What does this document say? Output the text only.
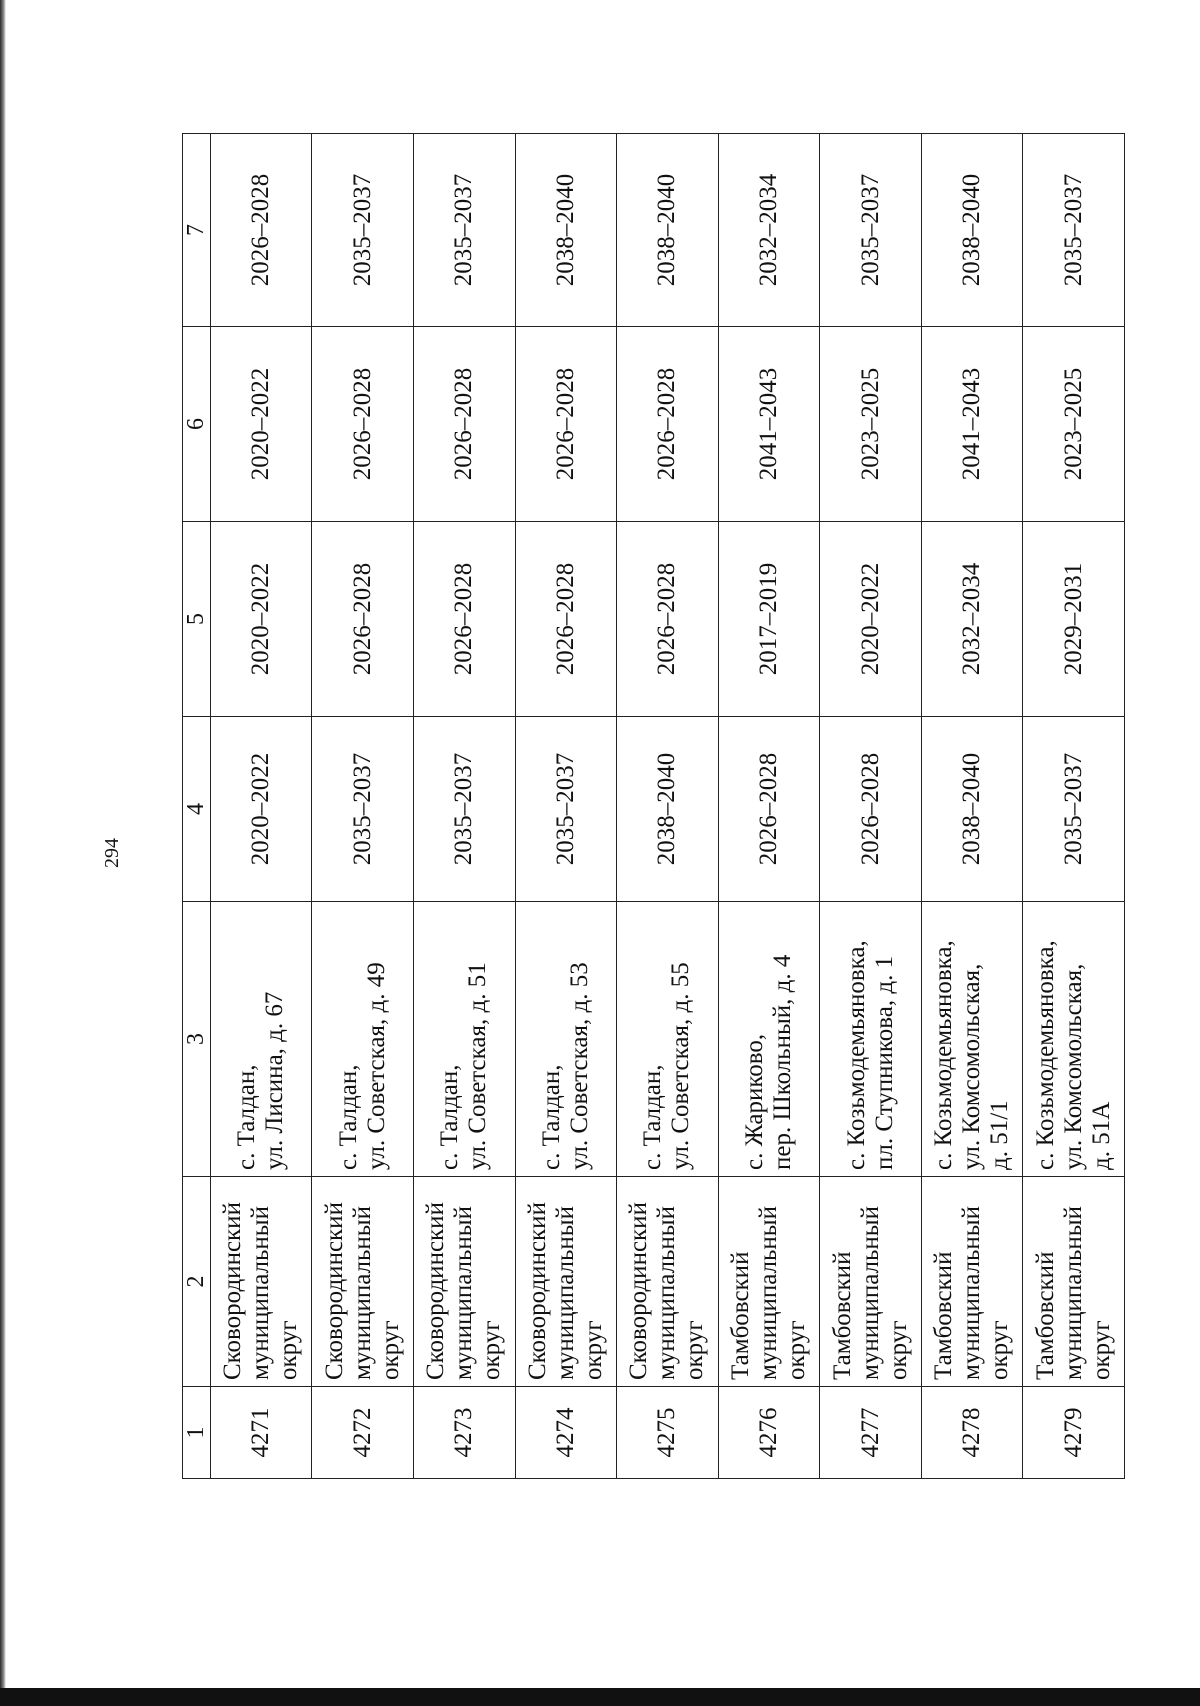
294
1	2	3	4	5	6	7
4271	Сковородинский муниципальный округ	с. Талдан, ул. Лисина, д. 67	2020–2022	2020–2022	2020–2022	2026–2028
4272	Сковородинский муниципальный округ	с. Талдан, ул. Советская, д. 49	2035–2037	2026–2028	2026–2028	2035–2037
4273	Сковородинский муниципальный округ	с. Талдан, ул. Советская, д. 51	2035–2037	2026–2028	2026–2028	2035–2037
4274	Сковородинский муниципальный округ	с. Талдан, ул. Советская, д. 53	2035–2037	2026–2028	2026–2028	2038–2040
4275	Сковородинский муниципальный округ	с. Талдан, ул. Советская, д. 55	2038–2040	2026–2028	2026–2028	2038–2040
4276	Тамбовский муниципальный округ	с. Жариково, пер. Школьный, д. 4	2026–2028	2017–2019	2041–2043	2032–2034
4277	Тамбовский муниципальный округ	с. Козьмодемьяновка, пл. Ступникова, д. 1	2026–2028	2020–2022	2023–2025	2035–2037
4278	Тамбовский муниципальный округ	с. Козьмодемьяновка, ул. Комсомольская, д. 51/1	2038–2040	2032–2034	2041–2043	2038–2040
4279	Тамбовский муниципальный округ	с. Козьмодемьяновка, ул. Комсомольская, д. 51А	2035–2037	2029–2031	2023–2025	2035–2037
